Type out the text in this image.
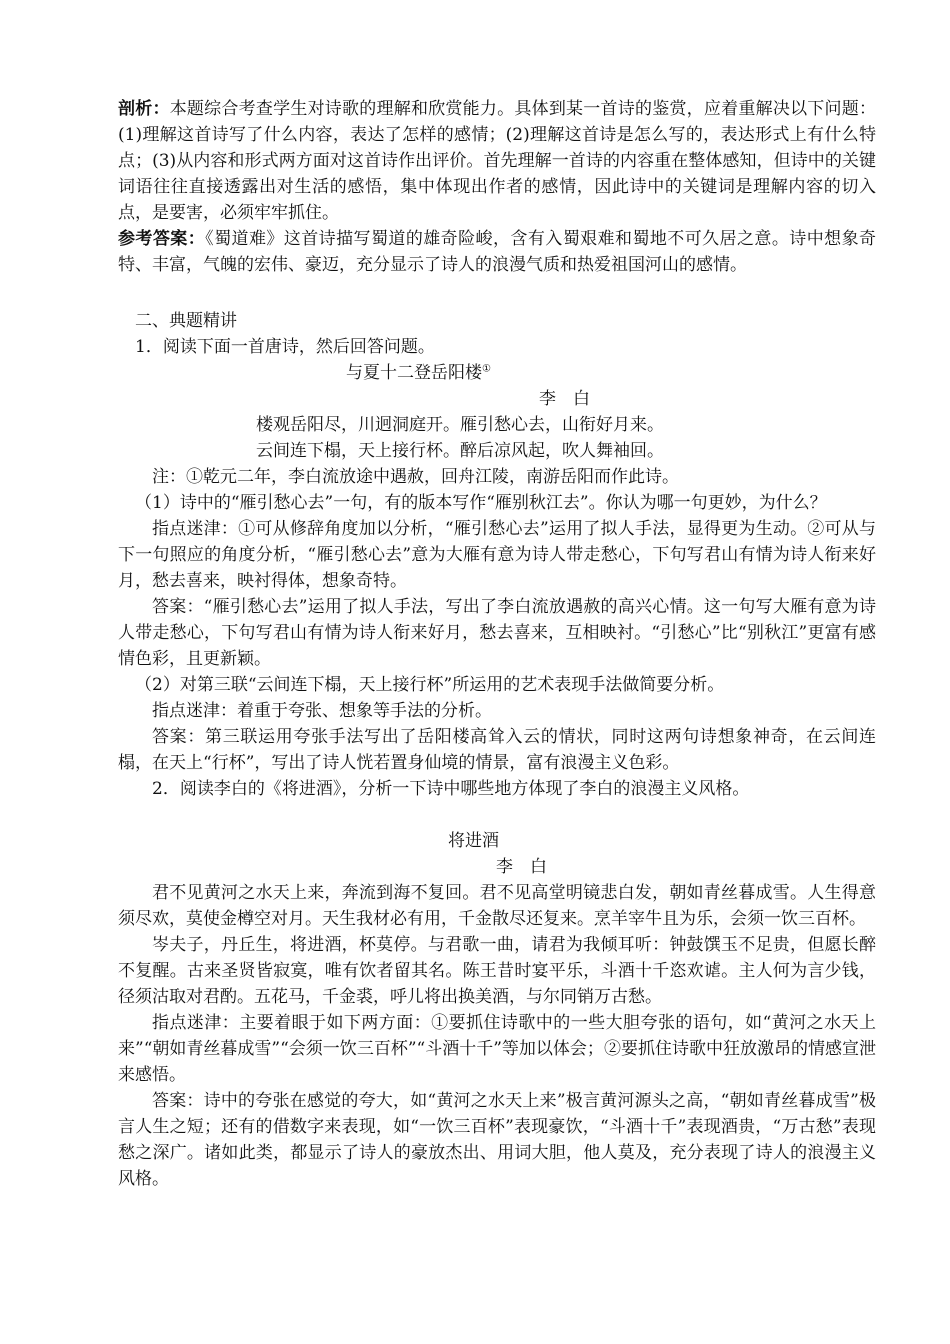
剖析：本题综合考查学生对诗歌的理解和欣赏能力。具体到某一首诗的鉴赏，应着重解决以下问题：(1)理解这首诗写了什么内容，表达了怎样的感情；(2)理解这首诗是怎么写的，表达形式上有什么特点；(3)从内容和形式两方面对这首诗作出评价。首先理解一首诗的内容重在整体感知，但诗中的关键词语往往直接透露出对生活的感悟，集中体现出作者的感情，因此诗中的关键词是理解内容的切入点，是要害，必须牢牢抓住。

参考答案：《蜀道难》这首诗描写蜀道的雄奇险峻，含有入蜀艰难和蜀地不可久居之意。诗中想象奇特、丰富，气魄的宏伟、豪迈，充分显示了诗人的浪漫气质和热爱祖国河山的感情。

二、典题精讲

1．阅读下面一首唐诗，然后回答问题。

与夏十二登岳阳楼①

李　白

楼观岳阳尽，川迥洞庭开。雁引愁心去，山衔好月来。

云间连下榻，天上接行杯。醉后凉风起，吹人舞袖回。

注：①乾元二年，李白流放途中遇赦，回舟江陵，南游岳阳而作此诗。

（1）诗中的“雁引愁心去”一句，有的版本写作“雁别秋江去”。你认为哪一句更妙，为什么？

指点迷津：①可从修辞角度加以分析，“雁引愁心去”运用了拟人手法，显得更为生动。②可从与下一句照应的角度分析，“雁引愁心去”意为大雁有意为诗人带走愁心，下句写君山有情为诗人衔来好月，愁去喜来，映衬得体，想象奇特。

答案：“雁引愁心去”运用了拟人手法，写出了李白流放遇赦的高兴心情。这一句写大雁有意为诗人带走愁心，下句写君山有情为诗人衔来好月，愁去喜来，互相映衬。“引愁心”比“别秋江”更富有感情色彩，且更新颖。

（2）对第三联“云间连下榻，天上接行杯”所运用的艺术表现手法做简要分析。

指点迷津：着重于夸张、想象等手法的分析。

答案：第三联运用夸张手法写出了岳阳楼高耸入云的情状，同时这两句诗想象神奇，在云间连榻，在天上“行杯”，写出了诗人恍若置身仙境的情景，富有浪漫主义色彩。

2．阅读李白的《将进酒》，分析一下诗中哪些地方体现了李白的浪漫主义风格。

将进酒

李　白

君不见黄河之水天上来，奔流到海不复回。君不见高堂明镜悲白发，朝如青丝暮成雪。人生得意须尽欢，莫使金樽空对月。天生我材必有用，千金散尽还复来。烹羊宰牛且为乐，会须一饮三百杯。

岑夫子，丹丘生，将进酒，杯莫停。与君歌一曲，请君为我倾耳听：钟鼓馔玉不足贵，但愿长醉不复醒。古来圣贤皆寂寞，唯有饮者留其名。陈王昔时宴平乐，斗酒十千恣欢谑。主人何为言少钱，径须沽取对君酌。五花马，千金裘，呼儿将出换美酒，与尔同销万古愁。

指点迷津：主要着眼于如下两方面：①要抓住诗歌中的一些大胆夸张的语句，如“黄河之水天上来”“朝如青丝暮成雪”“会须一饮三百杯”“斗酒十千”等加以体会；②要抓住诗歌中狂放激昂的情感宣泄来感悟。

答案：诗中的夸张在感觉的夸大，如“黄河之水天上来”极言黄河源头之高，“朝如青丝暮成雪”极言人生之短；还有的借数字来表现，如“一饮三百杯”表现豪饮，“斗酒十千”表现酒贵，“万古愁”表现愁之深广。诸如此类，都显示了诗人的豪放杰出、用词大胆，他人莫及，充分表现了诗人的浪漫主义风格。
